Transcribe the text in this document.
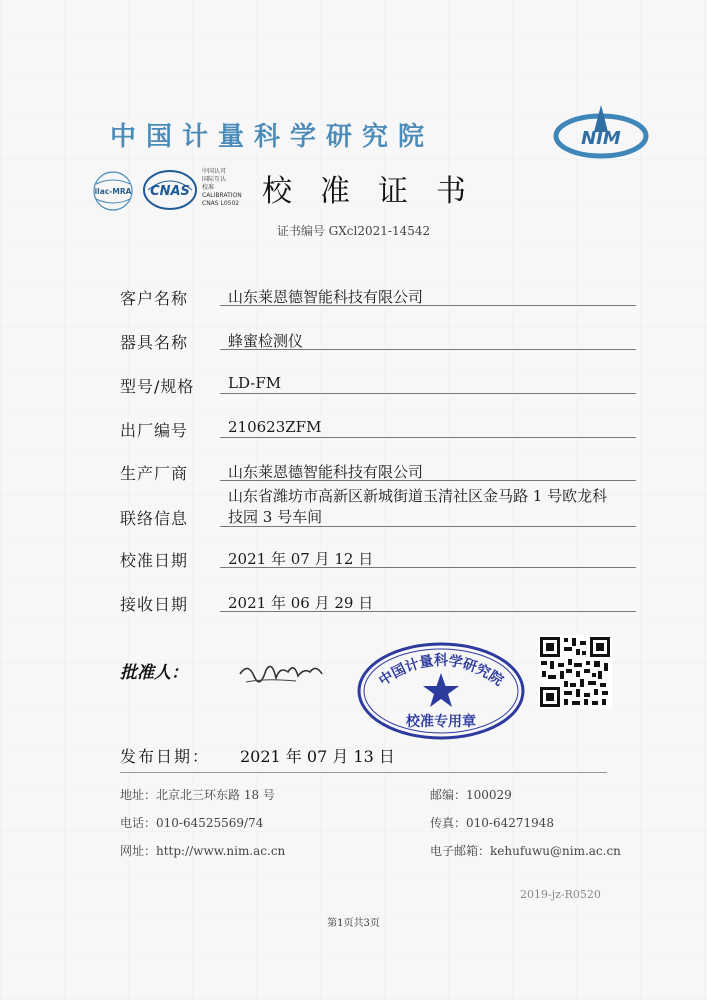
中国计量科学研究院	NIM
ilac-MRA CNAS
中国认可
国际互认
校准
CALIBRATION
CNAS L0502 校准证书
证书编号 GXcl2021-14542
客户名称	山东莱恩德智能科技有限公司
器具名称	蜂蜜检测仪
型号/规格	LD-FM
出厂编号	210623ZFM
生产厂商	山东莱恩德智能科技有限公司
联络信息
山东省潍坊市高新区新城街道玉清社区金马路 1 号欧龙科技园 3 号车间
校准日期	2021 年 07 月 12 日
接收日期	2021 年 06 月 29 日
批准人：	中国计量科学研究院
校准专用章
发布日期： 2021 年 07 月 13 日
地址：北京北三环东路 18 号	邮编：100029
电话：010-64525569/74	传真：010-64271948
网址：http://www.nim.ac.cn	电子邮箱：kehufuwu@nim.ac.cn
2019-jz-R0520
第1页共3页
